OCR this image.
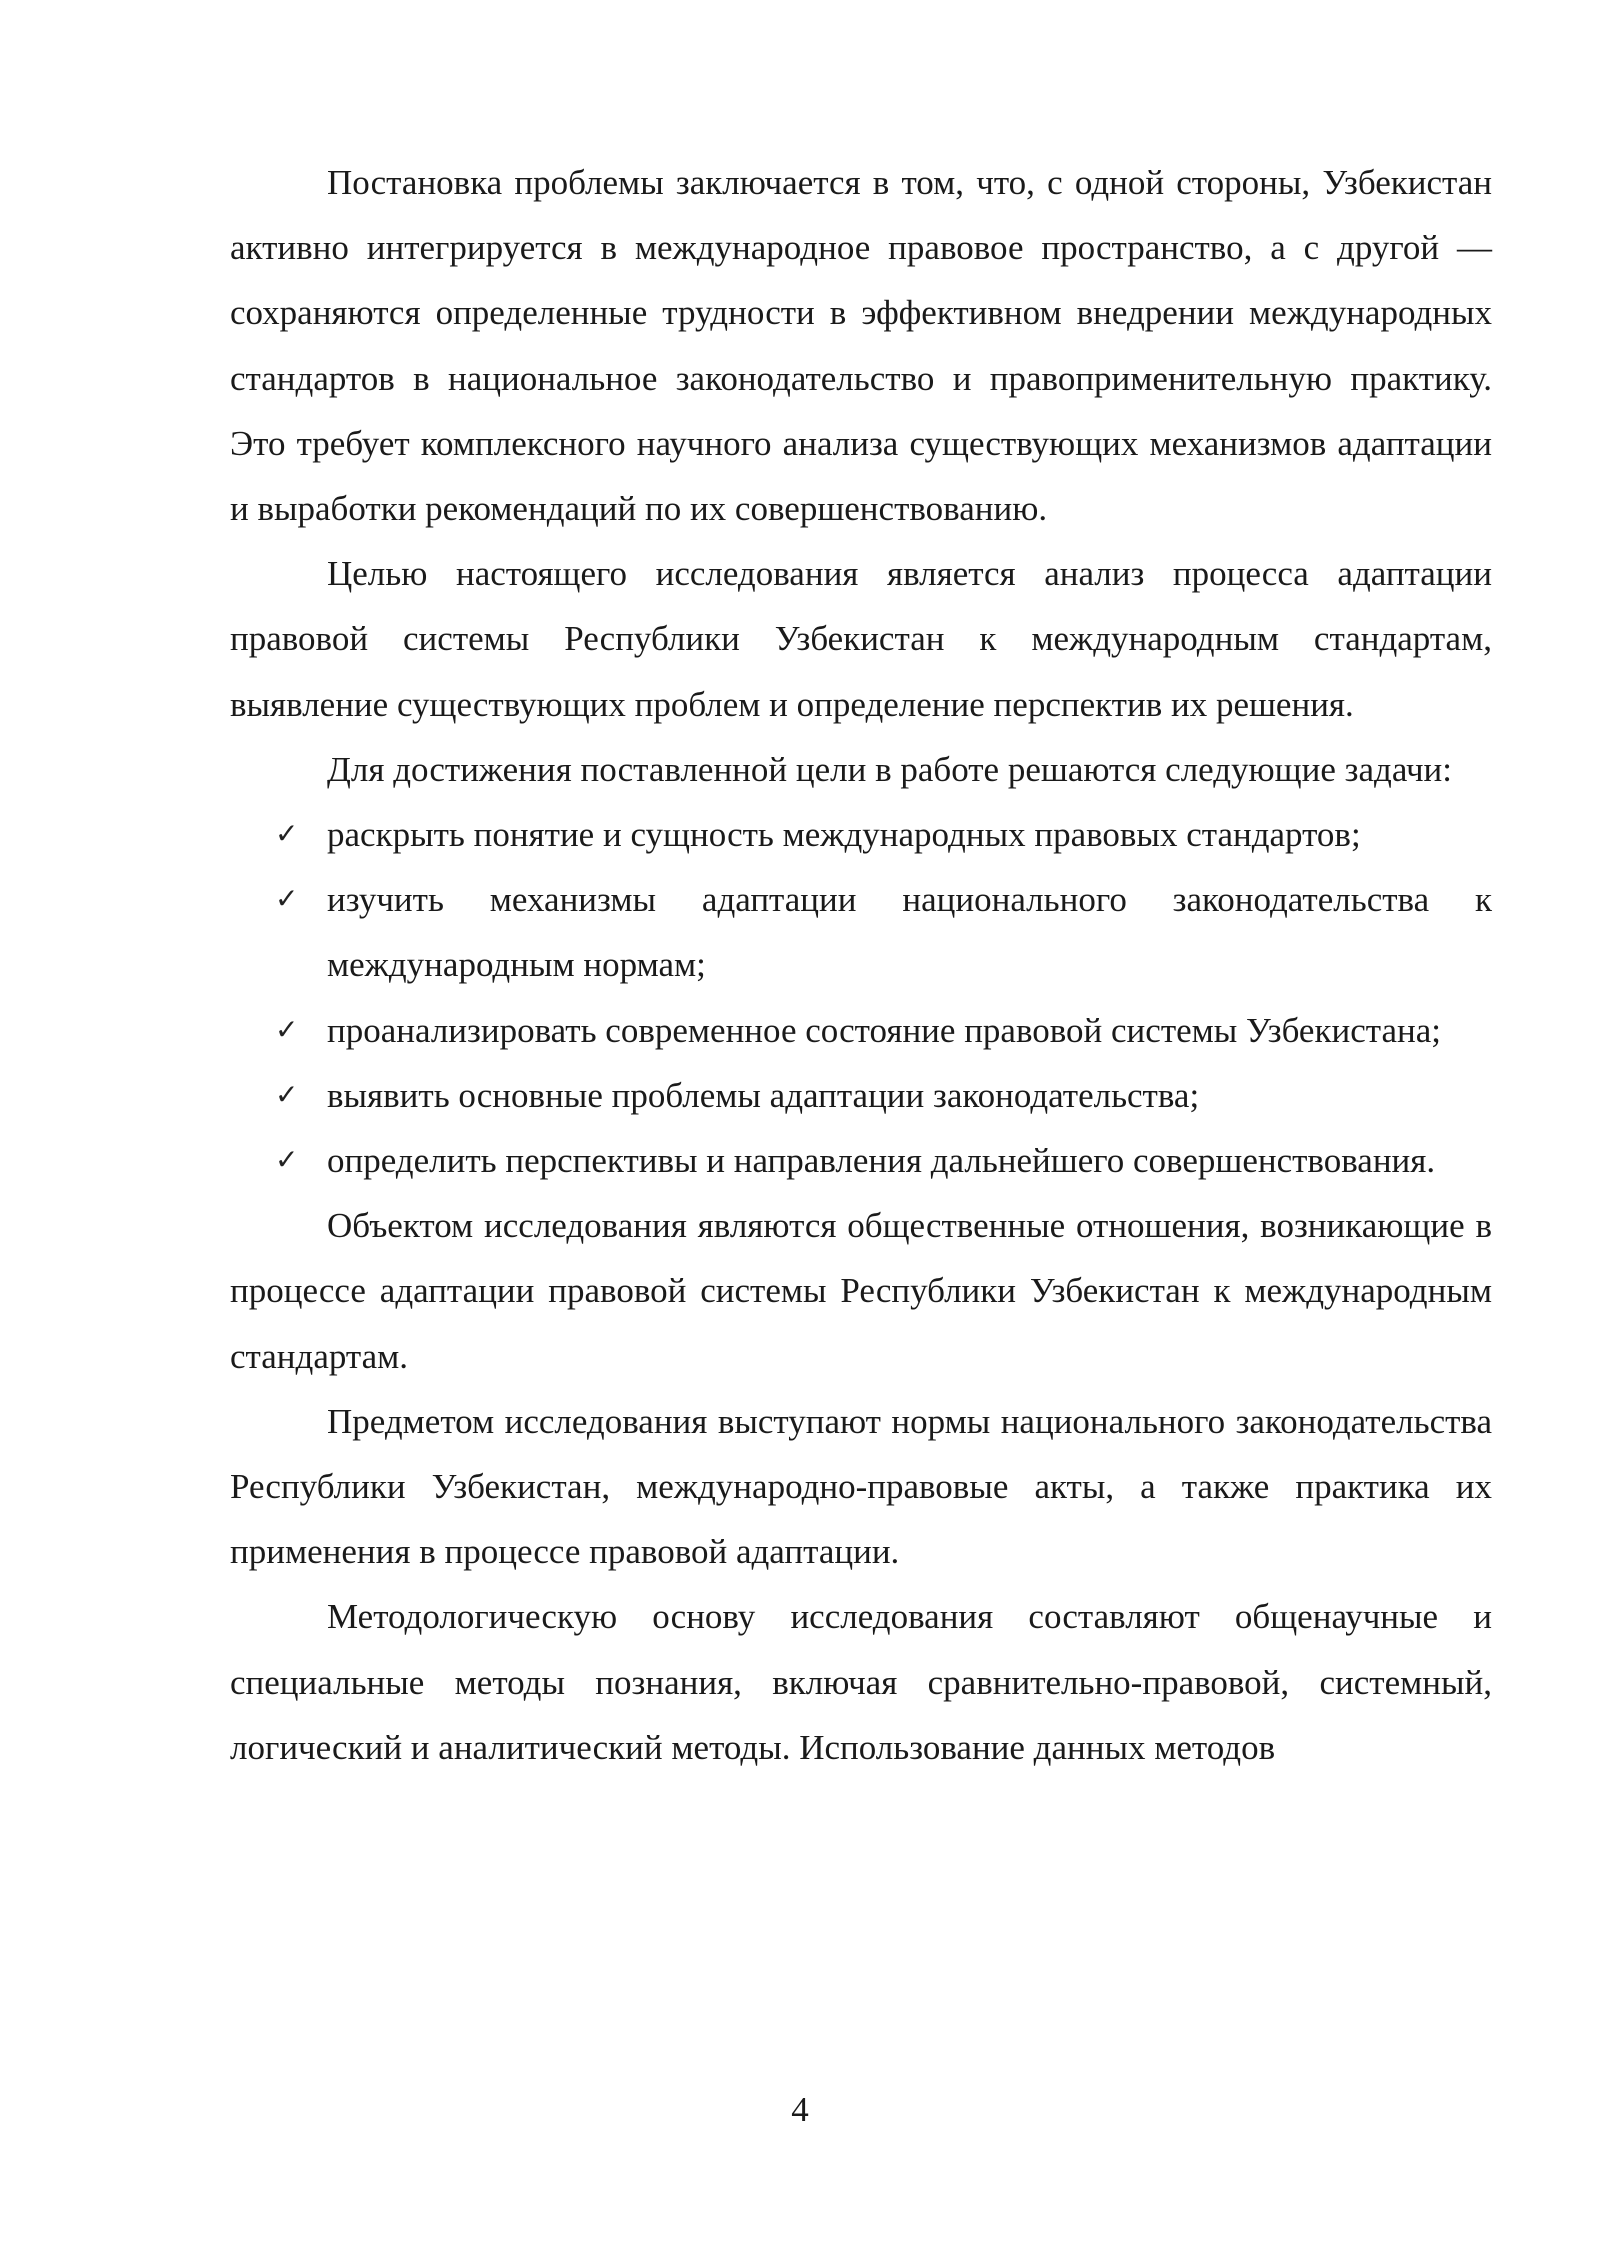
Постановка проблемы заключается в том, что, с одной стороны, Узбекистан активно интегрируется в международное правовое пространство, а с другой — сохраняются определенные трудности в эффективном внедрении международных стандартов в национальное законодательство и правоприменительную практику. Это требует комплексного научного анализа существующих механизмов адаптации и выработки рекомендаций по их совершенствованию.

Целью настоящего исследования является анализ процесса адаптации правовой системы Республики Узбекистан к международным стандартам, выявление существующих проблем и определение перспектив их решения.

Для достижения поставленной цели в работе решаются следующие задачи:

✓ раскрыть понятие и сущность международных правовых стандартов;
✓ изучить механизмы адаптации национального законодательства к международным нормам;
✓ проанализировать современное состояние правовой системы Узбекистана;
✓ выявить основные проблемы адаптации законодательства;
✓ определить перспективы и направления дальнейшего совершенствования.

Объектом исследования являются общественные отношения, возникающие в процессе адаптации правовой системы Республики Узбекистан к международным стандартам.

Предметом исследования выступают нормы национального законодательства Республики Узбекистан, международно-правовые акты, а также практика их применения в процессе правовой адаптации.

Методологическую основу исследования составляют общенаучные и специальные методы познания, включая сравнительно-правовой, системный, логический и аналитический методы. Использование данных методов

4
